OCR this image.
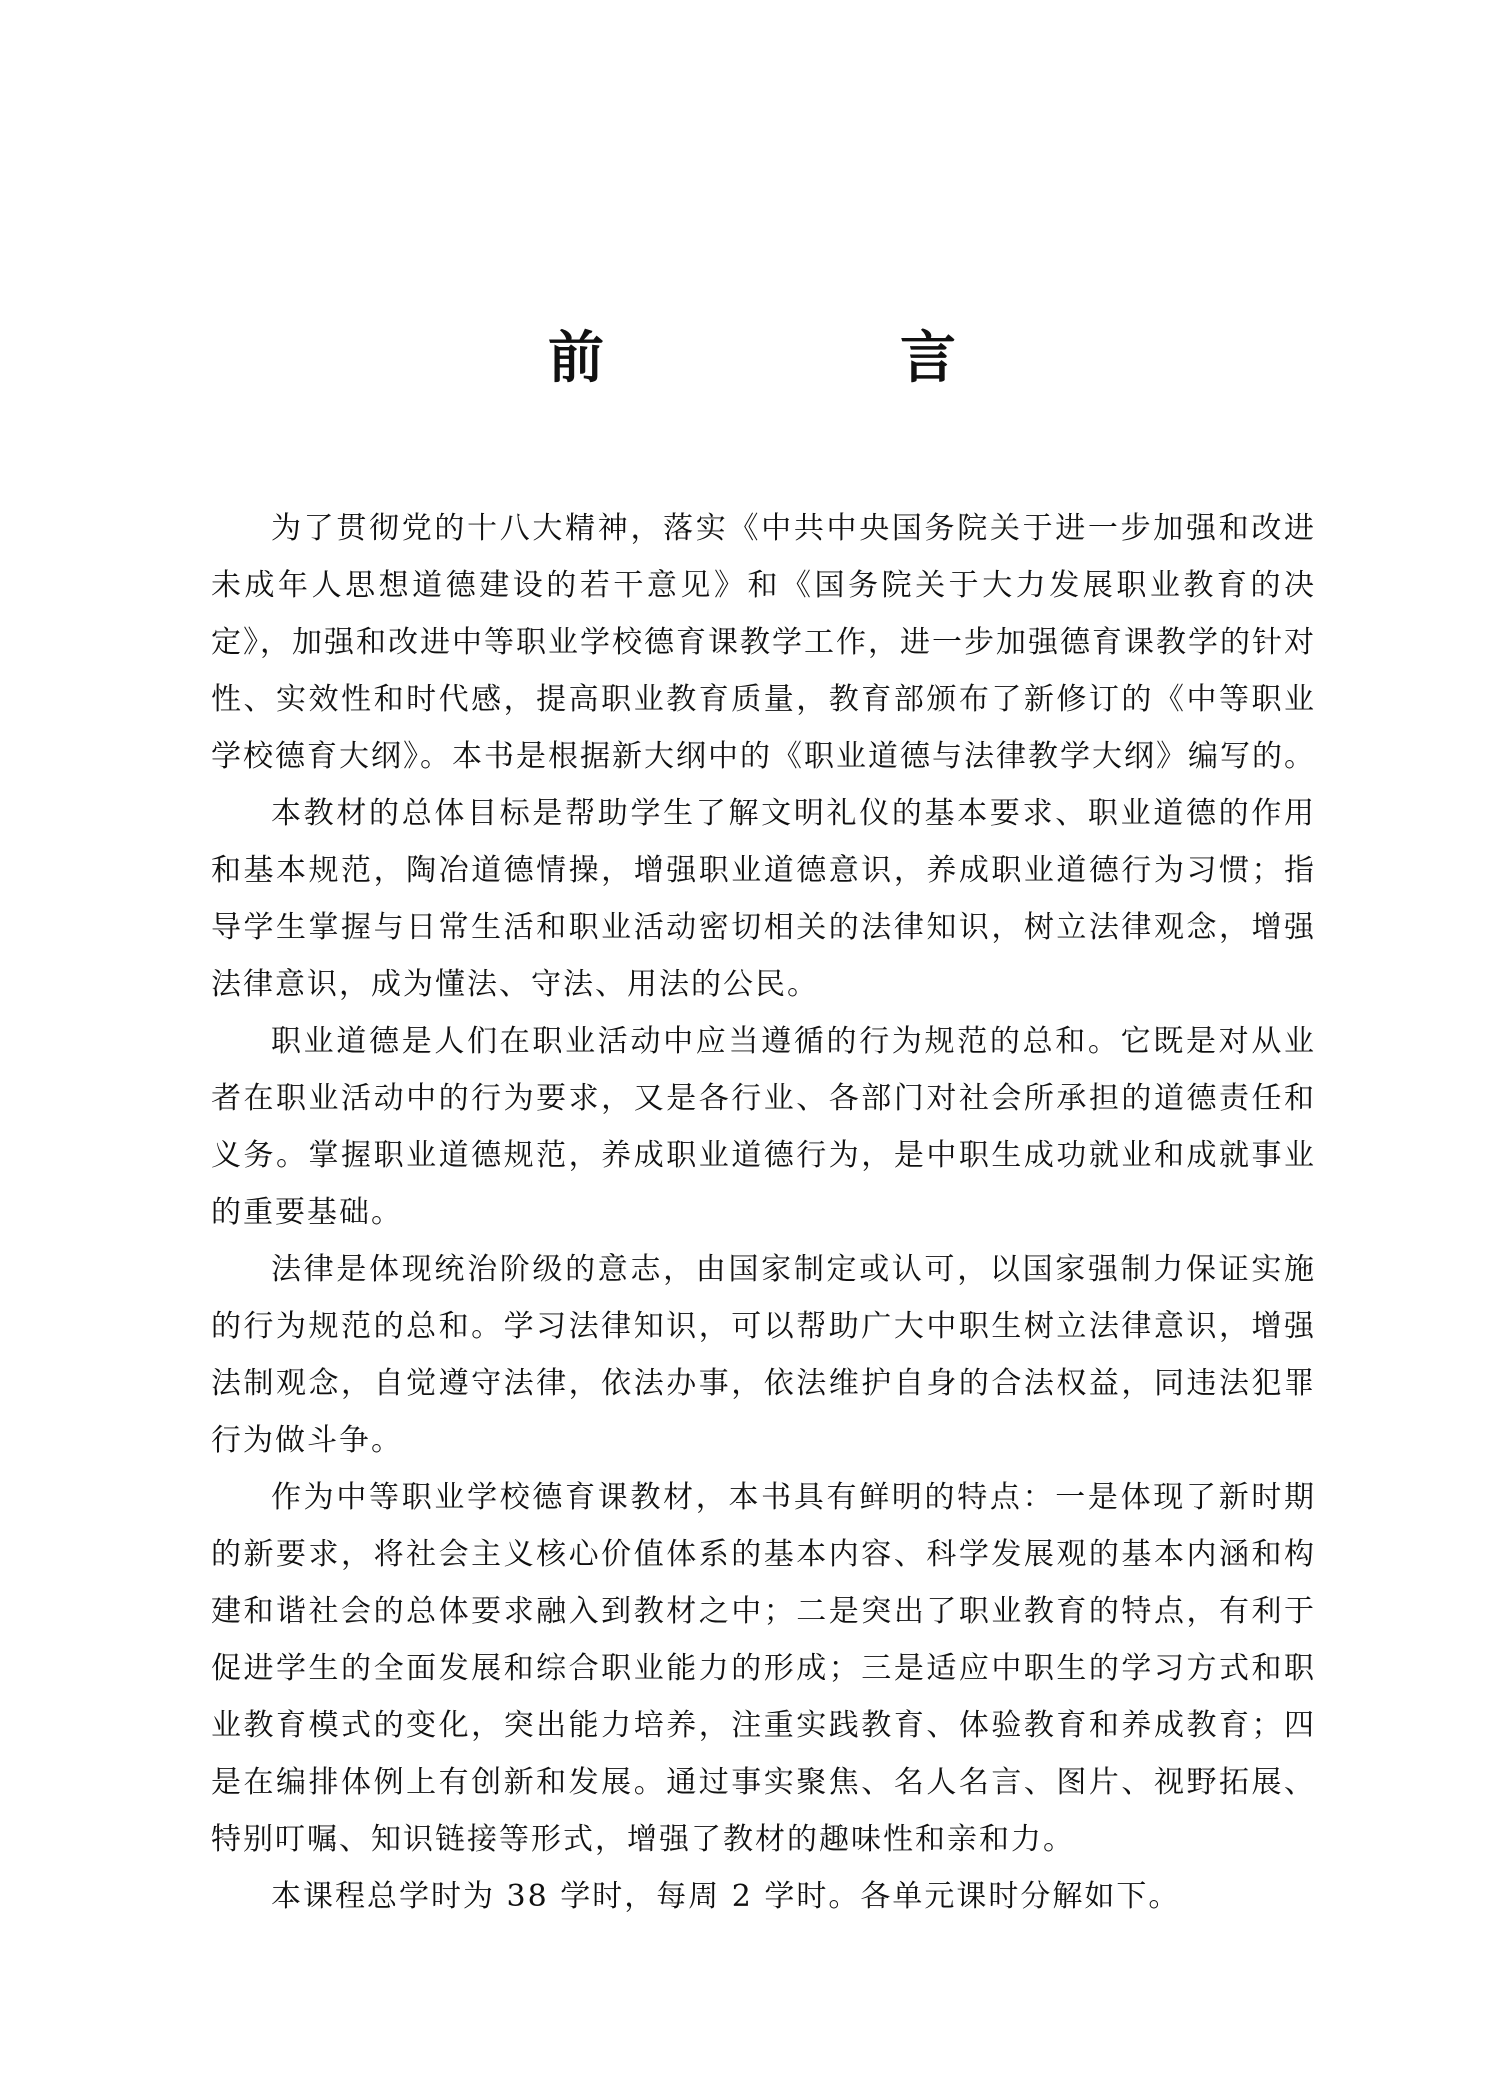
前　言

为了贯彻党的十八大精神，落实《中共中央国务院关于进一步加强和改进未成年人思想道德建设的若干意见》和《国务院关于大力发展职业教育的决定》，加强和改进中等职业学校德育课教学工作，进一步加强德育课教学的针对性、实效性和时代感，提高职业教育质量，教育部颁布了新修订的《中等职业学校德育大纲》。本书是根据新大纲中的《职业道德与法律教学大纲》编写的。

本教材的总体目标是帮助学生了解文明礼仪的基本要求、职业道德的作用和基本规范，陶冶道德情操，增强职业道德意识，养成职业道德行为习惯；指导学生掌握与日常生活和职业活动密切相关的法律知识，树立法律观念，增强法律意识，成为懂法、守法、用法的公民。

职业道德是人们在职业活动中应当遵循的行为规范的总和。它既是对从业者在职业活动中的行为要求，又是各行业、各部门对社会所承担的道德责任和义务。掌握职业道德规范，养成职业道德行为，是中职生成功就业和成就事业的重要基础。

法律是体现统治阶级的意志，由国家制定或认可，以国家强制力保证实施的行为规范的总和。学习法律知识，可以帮助广大中职生树立法律意识，增强法制观念，自觉遵守法律，依法办事，依法维护自身的合法权益，同违法犯罪行为做斗争。

作为中等职业学校德育课教材，本书具有鲜明的特点：一是体现了新时期的新要求，将社会主义核心价值体系的基本内容、科学发展观的基本内涵和构建和谐社会的总体要求融入到教材之中；二是突出了职业教育的特点，有利于促进学生的全面发展和综合职业能力的形成；三是适应中职生的学习方式和职业教育模式的变化，突出能力培养，注重实践教育、体验教育和养成教育；四是在编排体例上有创新和发展。通过事实聚焦、名人名言、图片、视野拓展、特别叮嘱、知识链接等形式，增强了教材的趣味性和亲和力。

本课程总学时为 38 学时，每周 2 学时。各单元课时分解如下。
